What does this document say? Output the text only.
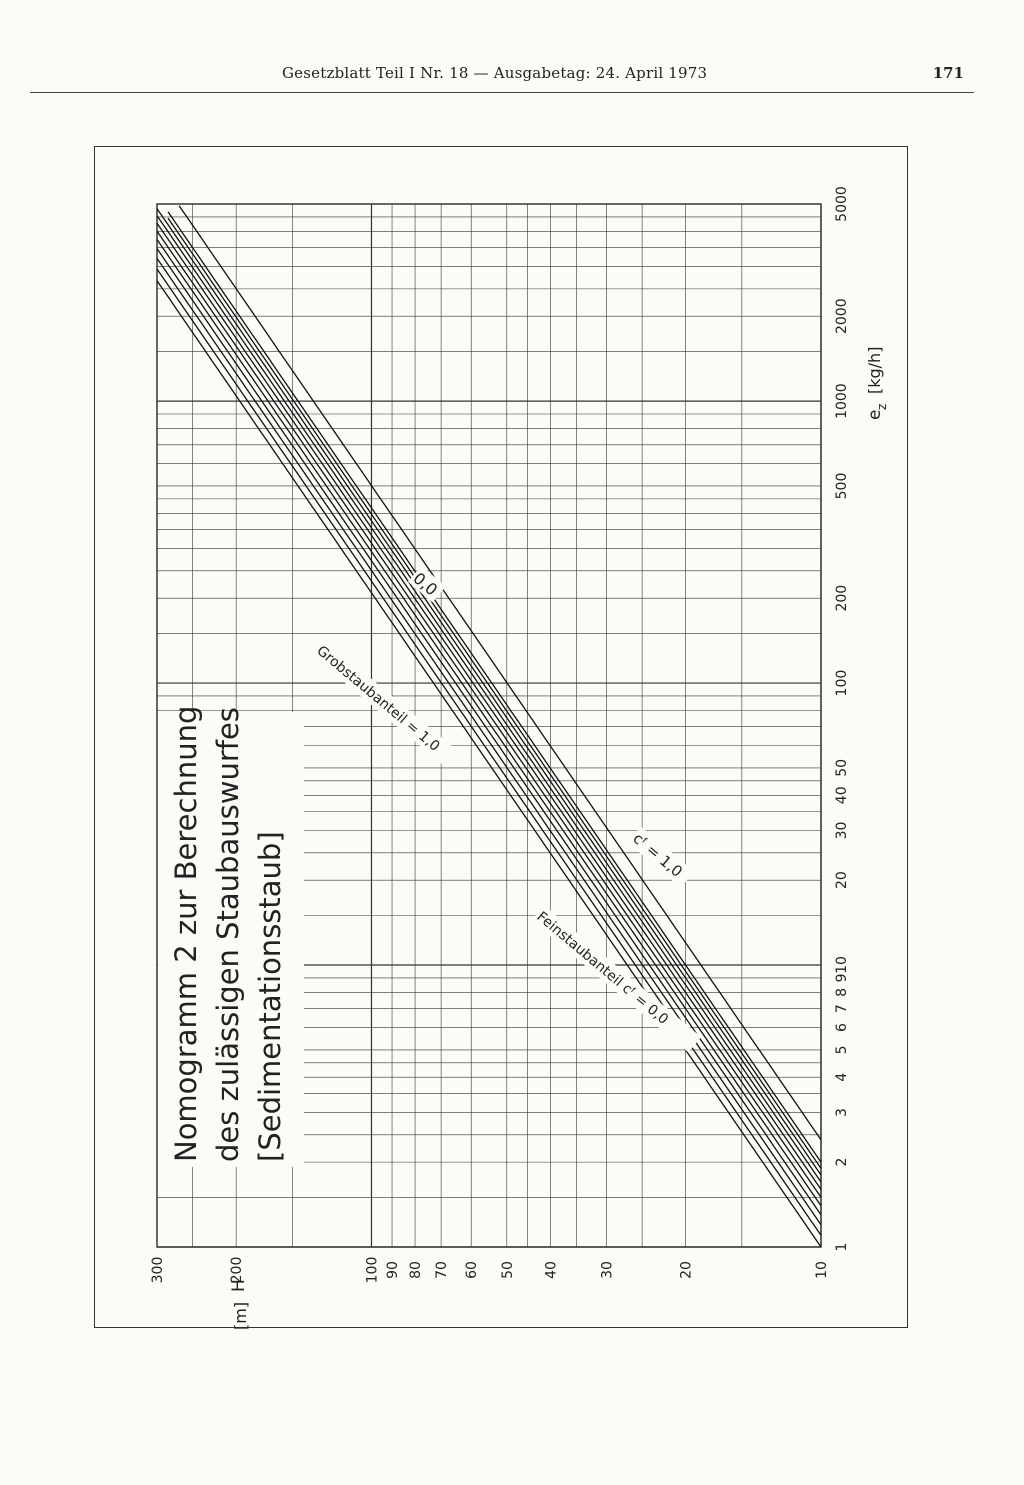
Gesetzblatt Teil I Nr. 18 — Ausgabetag: 24. April 1973	171
1
2
3
4
5
6
7
8
9
10
20
30
40
50
100
200
500
1000
2000
5000
10
20
30
40
50
60
70
80
90
100
200
300
Nomogramm 2 zur Berechnung des zulässigen Staubauswurfes [Sedimentationsstaub]
e
z
[kg/h]
H
[m]
0,0
Grobstaubanteil = 1,0
cᶠ = 1,0
Feinstaubanteil cᶠ = 0,0
